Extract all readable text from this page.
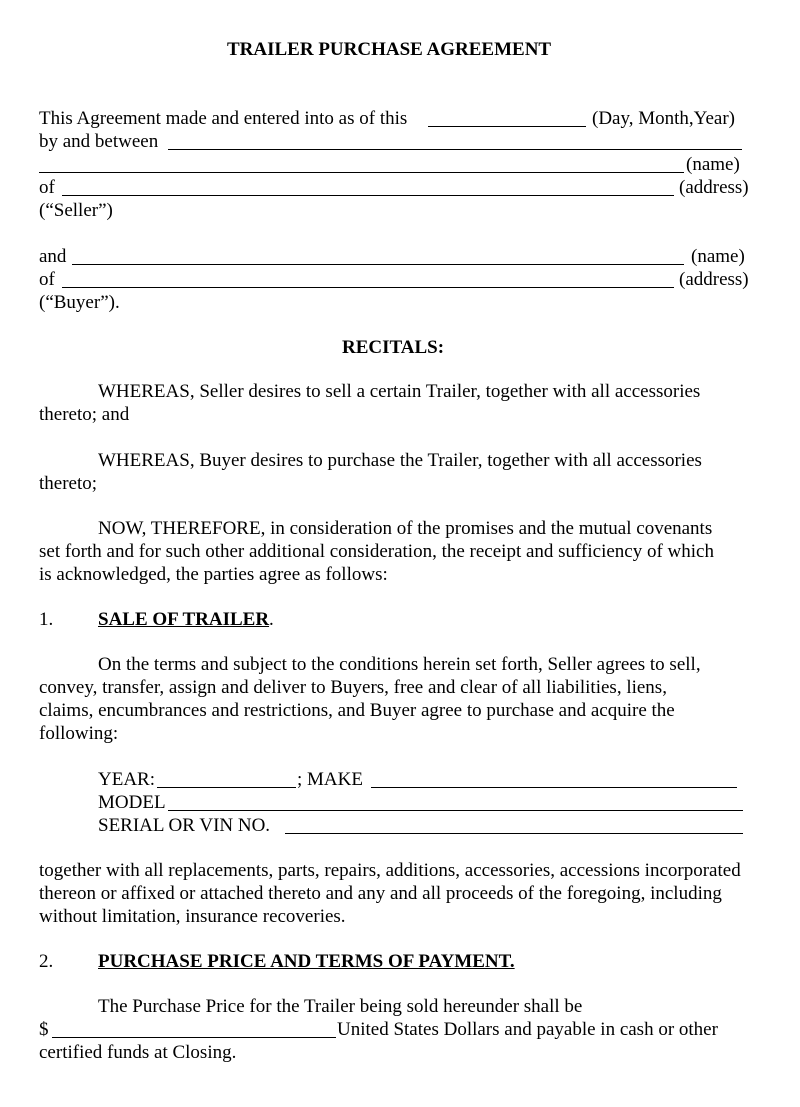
TRAILER PURCHASE AGREEMENT
This Agreement made and entered into as of this	(Day, Month,Year)
by and between
(name)
of	(address)
(“Seller”)
and	(name)
of	(address)
(“Buyer”).
RECITALS:
WHEREAS, Seller desires to sell a certain Trailer, together with all accessories
thereto; and
WHEREAS, Buyer desires to purchase the Trailer, together with all accessories
thereto;
NOW, THEREFORE, in consideration of the promises and the mutual covenants
set forth and for such other additional consideration, the receipt and sufficiency of which
is acknowledged, the parties agree as follows:
1. SALE OF TRAILER.
On the terms and subject to the conditions herein set forth, Seller agrees to sell,
convey, transfer, assign and deliver to Buyers, free and clear of all liabilities, liens,
claims, encumbrances and restrictions, and Buyer agree to purchase and acquire the
following:
YEAR:	; MAKE
MODEL
SERIAL OR VIN NO.
together with all replacements, parts, repairs, additions, accessories, accessions incorporated
thereon or affixed or attached thereto and any and all proceeds of the foregoing, including
without limitation, insurance recoveries.
2. PURCHASE PRICE AND TERMS OF PAYMENT.
The Purchase Price for the Trailer being sold hereunder shall be
$	United States Dollars and payable in cash or other
certified funds at Closing.
